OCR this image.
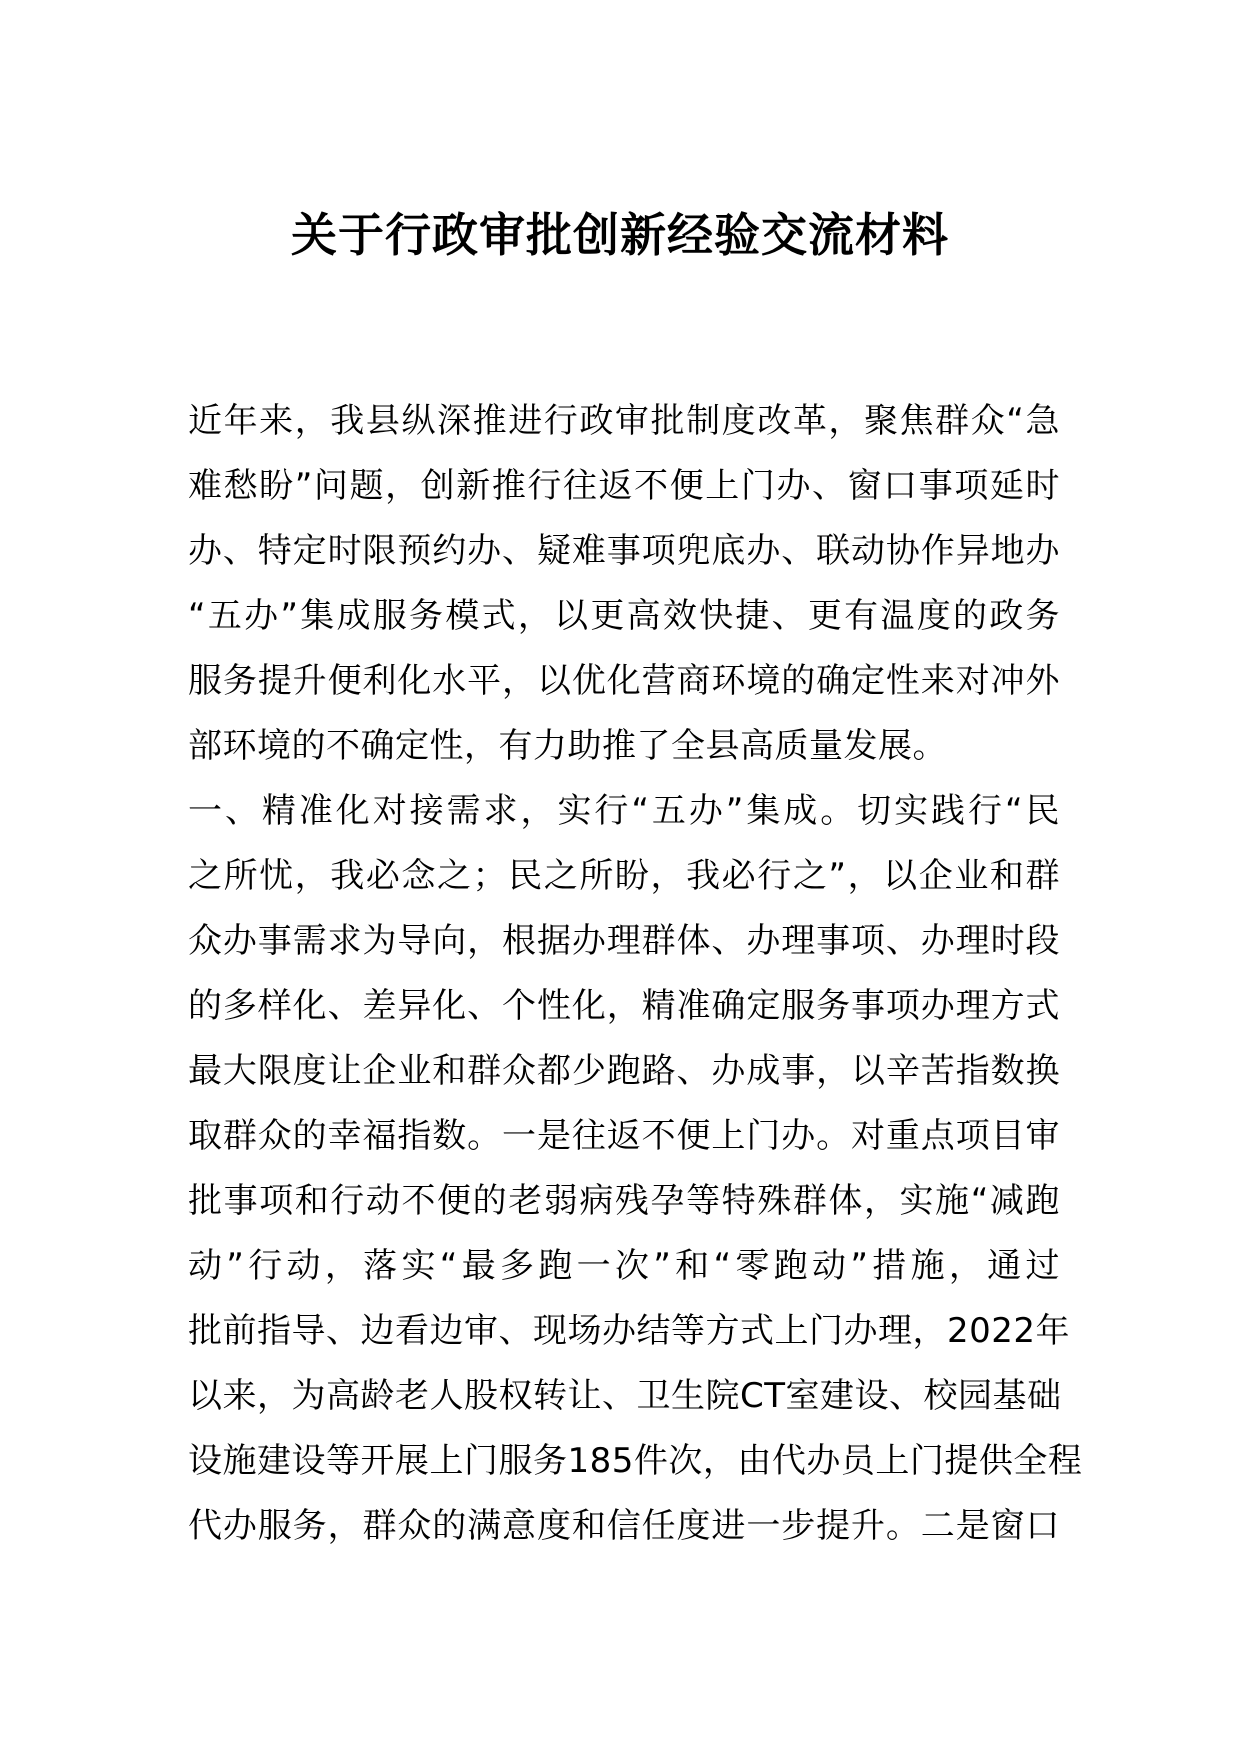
关于行政审批创新经验交流材料
近年来，我县纵深推进行政审批制度改革，聚焦群众“急
难愁盼”问题，创新推行往返不便上门办、窗口事项延时
办、特定时限预约办、疑难事项兜底办、联动协作异地办
“五办”集成服务模式，以更高效快捷、更有温度的政务
服务提升便利化水平，以优化营商环境的确定性来对冲外
部环境的不确定性，有力助推了全县高质量发展。
一、精准化对接需求，实行“五办”集成。切实践行“民
之所忧，我必念之；民之所盼，我必行之”，以企业和群
众办事需求为导向，根据办理群体、办理事项、办理时段
的多样化、差异化、个性化，精准确定服务事项办理方式
最大限度让企业和群众都少跑路、办成事，以辛苦指数换
取群众的幸福指数。一是往返不便上门办。对重点项目审
批事项和行动不便的老弱病残孕等特殊群体，实施“减跑
动”行动，落实“最多跑一次”和“零跑动”措施，通过
批前指导、边看边审、现场办结等方式上门办理，2022年
以来，为高龄老人股权转让、卫生院CT室建设、校园基础
设施建设等开展上门服务185件次，由代办员上门提供全程
代办服务，群众的满意度和信任度进一步提升。二是窗口
